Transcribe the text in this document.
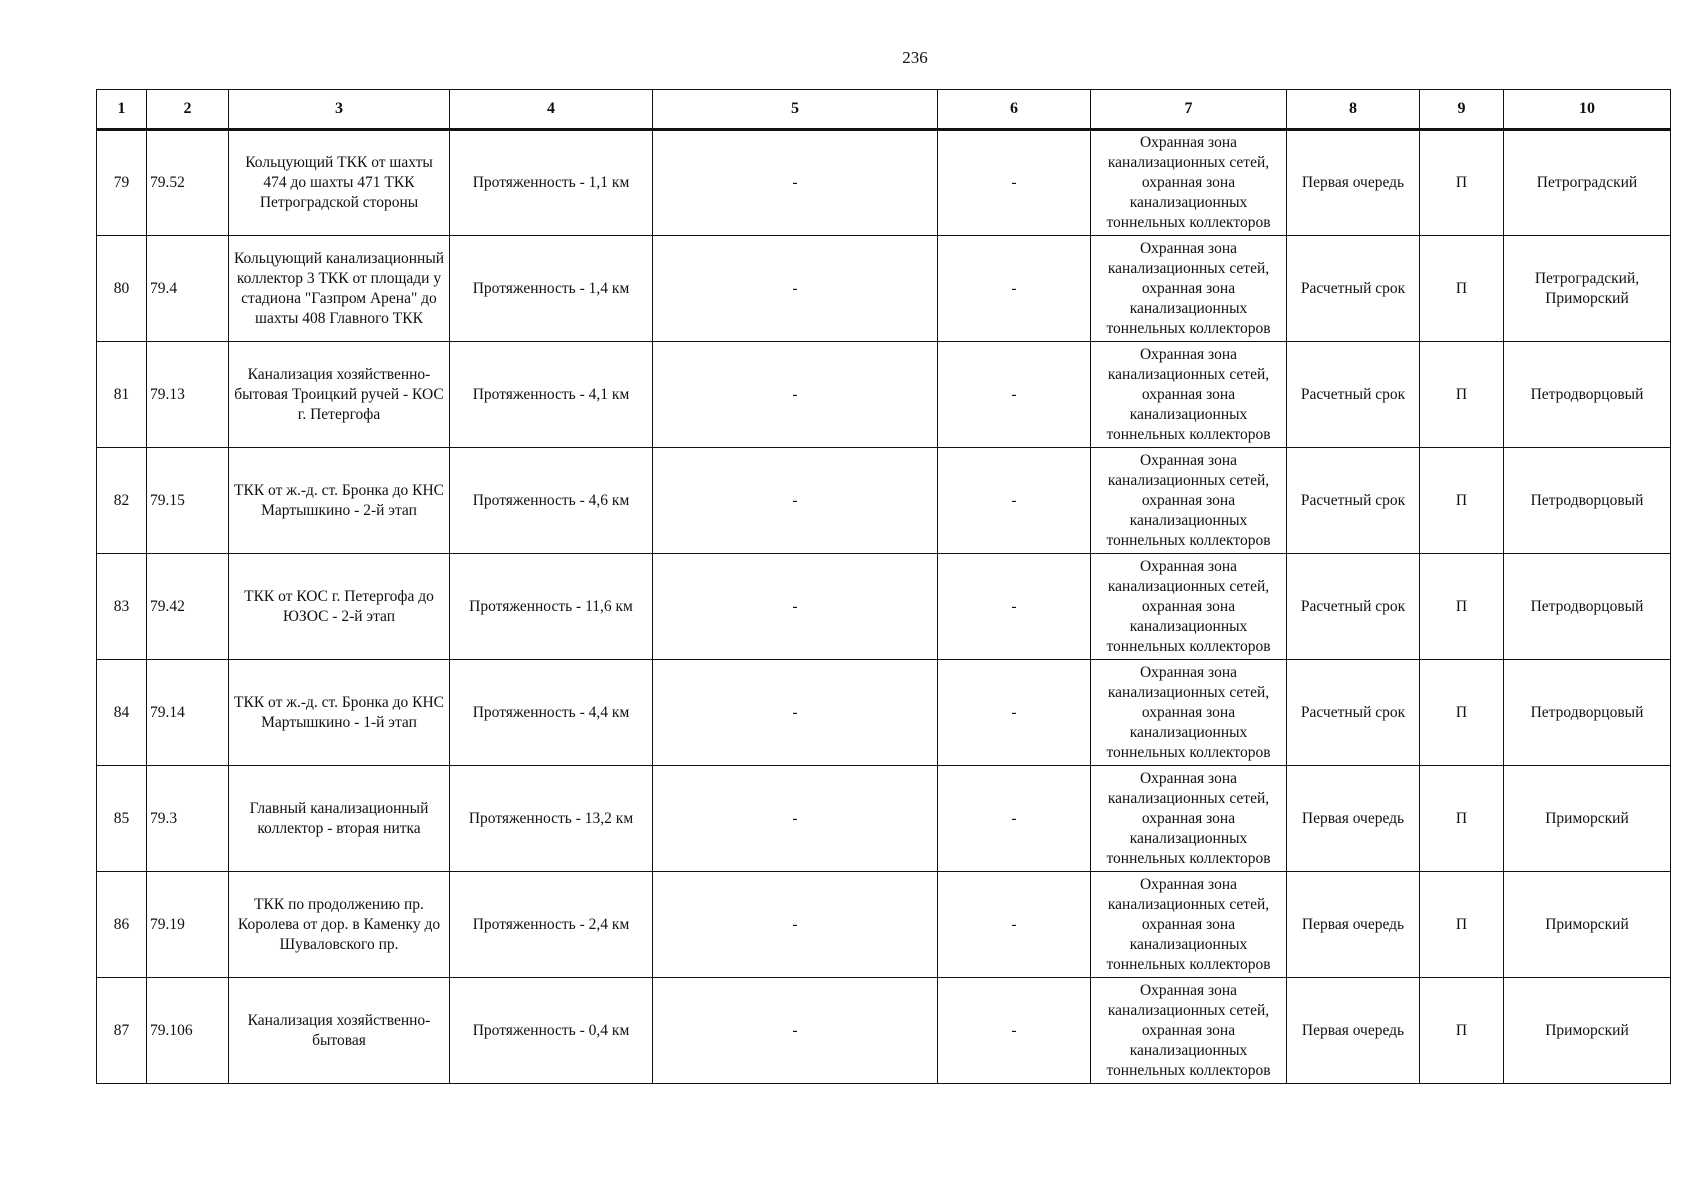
236
1	2	3	4	5	6	7	8	9	10
79	79.52	Кольцующий ТКК от шахты 474 до шахты 471 ТКК Петроградской стороны	Протяженность - 1,1 км	-	-	Охранная зона канализационных сетей, охранная зона канализационных тоннельных коллекторов	Первая очередь	П	Петроградский
80	79.4	Кольцующий канализационный коллектор 3 ТКК от площади у стадиона "Газпром Арена" до шахты 408 Главного ТКК	Протяженность - 1,4 км	-	-	Охранная зона канализационных сетей, охранная зона канализационных тоннельных коллекторов	Расчетный срок	П	Петроградский, Приморский
81	79.13	Канализация хозяйственно-бытовая Троицкий ручей - КОС г. Петергофа	Протяженность - 4,1 км	-	-	Охранная зона канализационных сетей, охранная зона канализационных тоннельных коллекторов	Расчетный срок	П	Петродворцовый
82	79.15	ТКК от ж.-д. ст. Бронка до КНС Мартышкино - 2-й этап	Протяженность - 4,6 км	-	-	Охранная зона канализационных сетей, охранная зона канализационных тоннельных коллекторов	Расчетный срок	П	Петродворцовый
83	79.42	ТКК от КОС г. Петергофа до ЮЗОС - 2-й этап	Протяженность - 11,6 км	-	-	Охранная зона канализационных сетей, охранная зона канализационных тоннельных коллекторов	Расчетный срок	П	Петродворцовый
84	79.14	ТКК от ж.-д. ст. Бронка до КНС Мартышкино - 1-й этап	Протяженность - 4,4 км	-	-	Охранная зона канализационных сетей, охранная зона канализационных тоннельных коллекторов	Расчетный срок	П	Петродворцовый
85	79.3	Главный канализационный коллектор - вторая нитка	Протяженность - 13,2 км	-	-	Охранная зона канализационных сетей, охранная зона канализационных тоннельных коллекторов	Первая очередь	П	Приморский
86	79.19	ТКК по продолжению пр. Королева от дор. в Каменку до Шуваловского пр.	Протяженность - 2,4 км	-	-	Охранная зона канализационных сетей, охранная зона канализационных тоннельных коллекторов	Первая очередь	П	Приморский
87	79.106	Канализация хозяйственно-бытовая	Протяженность - 0,4 км	-	-	Охранная зона канализационных сетей, охранная зона канализационных тоннельных коллекторов	Первая очередь	П	Приморский
